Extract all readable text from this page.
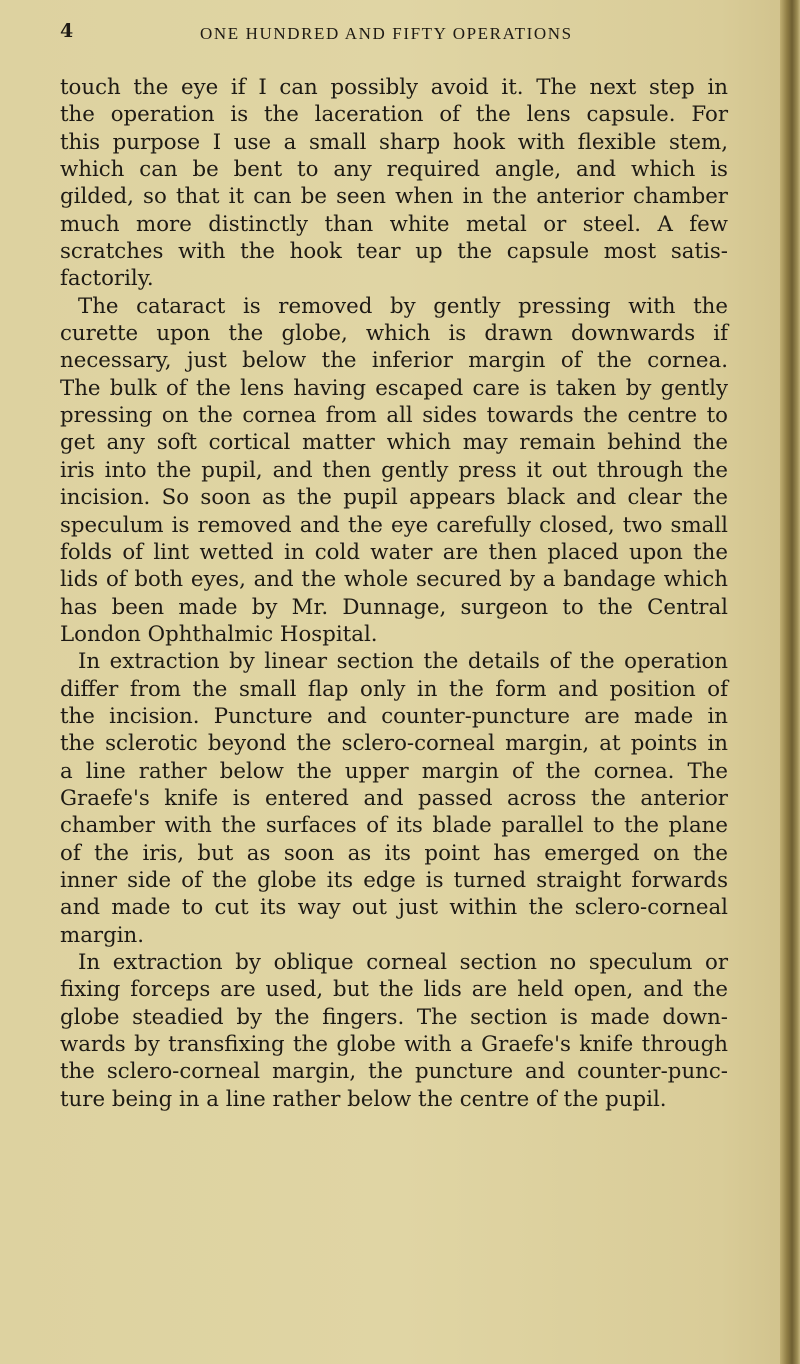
4	ONE HUNDRED AND FIFTY OPERATIONS
touch the eye if I can possibly avoid it. The next step in
the operation is the laceration of the lens capsule. For
this purpose I use a small sharp hook with flexible stem,
which can be bent to any required angle, and which is
gilded, so that it can be seen when in the anterior chamber
much more distinctly than white metal or steel. A few
scratches with the hook tear up the capsule most satis-
factorily.
The cataract is removed by gently pressing with the
curette upon the globe, which is drawn downwards if
necessary, just below the inferior margin of the cornea.
The bulk of the lens having escaped care is taken by gently
pressing on the cornea from all sides towards the centre to
get any soft cortical matter which may remain behind the
iris into the pupil, and then gently press it out through the
incision. So soon as the pupil appears black and clear the
speculum is removed and the eye carefully closed, two small
folds of lint wetted in cold water are then placed upon the
lids of both eyes, and the whole secured by a bandage which
has been made by Mr. Dunnage, surgeon to the Central
London Ophthalmic Hospital.
In extraction by linear section the details of the operation
differ from the small flap only in the form and position of
the incision. Puncture and counter-puncture are made in
the sclerotic beyond the sclero-corneal margin, at points in
a line rather below the upper margin of the cornea. The
Graefe's knife is entered and passed across the anterior
chamber with the surfaces of its blade parallel to the plane
of the iris, but as soon as its point has emerged on the
inner side of the globe its edge is turned straight forwards
and made to cut its way out just within the sclero-corneal
margin.
In extraction by oblique corneal section no speculum or
fixing forceps are used, but the lids are held open, and the
globe steadied by the fingers. The section is made down-
wards by transfixing the globe with a Graefe's knife through
the sclero-corneal margin, the puncture and counter-punc-
ture being in a line rather below the centre of the pupil.
